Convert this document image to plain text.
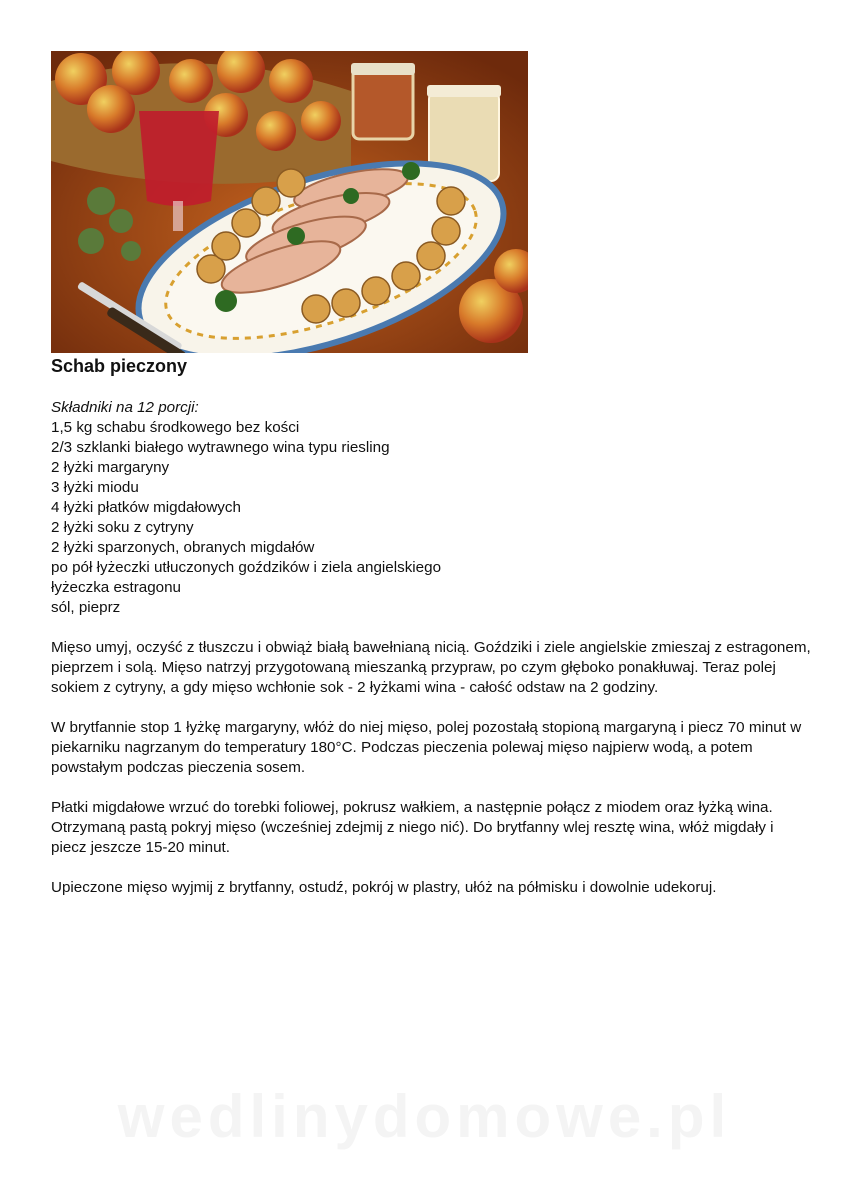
Schab pieczony
Składniki na 12 porcji:
1,5 kg schabu środkowego bez kości
2/3 szklanki białego wytrawnego wina typu riesling
2 łyżki margaryny
3 łyżki miodu
4 łyżki płatków migdałowych
2 łyżki soku z cytryny
2 łyżki sparzonych, obranych migdałów
po pół łyżeczki utłuczonych goździków i ziela angielskiego
łyżeczka estragonu
sól, pieprz

Mięso umyj, oczyść z tłuszczu i obwiąż białą bawełnianą nicią. Goździki i ziele angielskie zmieszaj z estragonem, pieprzem i solą. Mięso natrzyj przygotowaną mieszanką przypraw, po czym głęboko ponakłuwaj. Teraz polej sokiem z cytryny, a gdy mięso wchłonie sok - 2 łyżkami wina - całość odstaw na 2 godziny.

W brytfannie stop 1 łyżkę margaryny, włóż do niej mięso, polej pozostałą stopioną margaryną i piecz 70 minut w piekarniku nagrzanym do temperatury 180°C. Podczas pieczenia polewaj mięso najpierw wodą, a potem powstałym podczas pieczenia sosem.

Płatki migdałowe wrzuć do torebki foliowej, pokrusz wałkiem, a następnie połącz z miodem oraz łyżką wina. Otrzymaną pastą pokryj mięso (wcześniej zdejmij z niego nić). Do brytfanny wlej resztę wina, włóż migdały i piecz jeszcze 15-20 minut.

Upieczone mięso wyjmij z brytfanny, ostudź, pokrój w plastry, ułóż na półmisku i dowolnie udekoruj.

wedlinydomowe.pl
